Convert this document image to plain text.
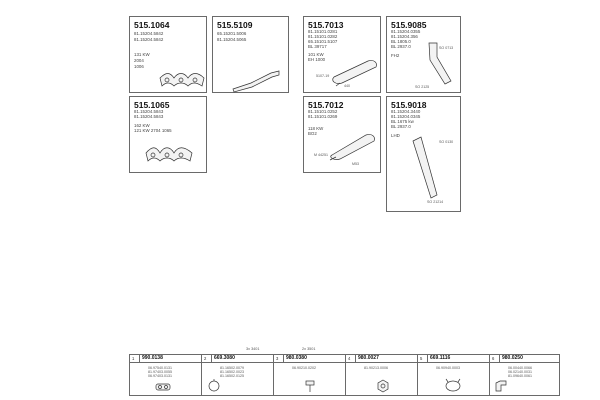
515.1064
81.15204.5842
81.15204.5842
131 KW
2004
1006
515.5109
65.15201.5006
81.15204.5065
515.7013
81.15101.0281
81.15101.0282
65.15101.5107
BL 39717
101 KW
EH 1000
5107-19
440
515.9085
81.15204.0355
81.15204.356
BL 1805.0
BL 2937.0
FH2
SO 0713
SO 2125
515.1065
81.15204.5843
81.15204.5843
162 KW
121 KW 2704 1065
515.7012
81.15101.0252
81.15101.0269
118 KW
BO2
M 44251
M53
515.9018
81.15204.3440
81.15204.0345
BL 1675 kw
BL 2937.0
LHD
SO 0130
SO 21214
3x 3401	2x 3501
1 990.0138
06.97540.0131
81.97403.0055
06.97403.0131
2 669.3080
81.16502.0079
81.16502.0023
81.16502.0125
3 980.0380
06.90210.0202
4 980.0027
81.90213.0006
5 669.1116
06.90940.0003
6 980.0250
06.00440.0066
06.02140.0031
81.09640.0061
